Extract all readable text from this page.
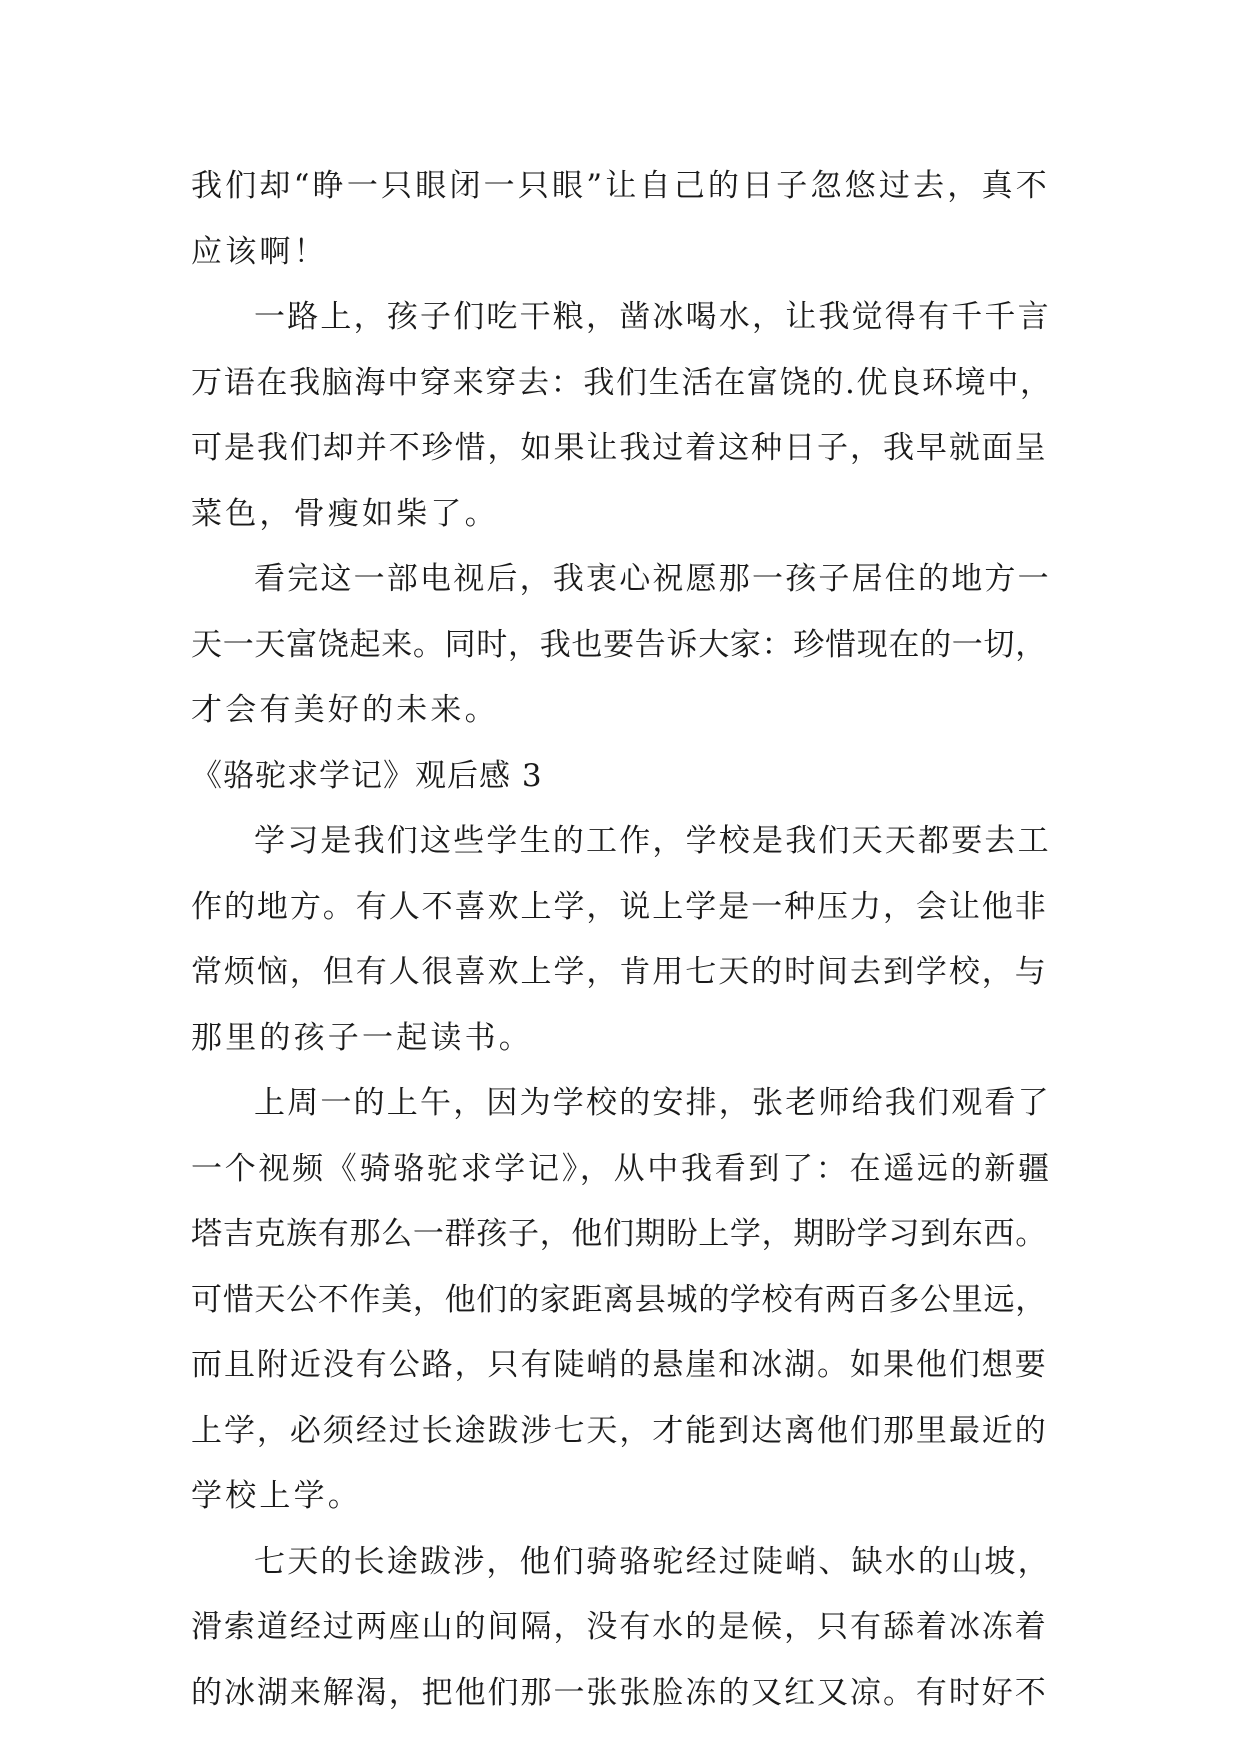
我们却“睁一只眼闭一只眼”让自己的日子忽悠过去，真不
应该啊！
一路上，孩子们吃干粮，凿冰喝水，让我觉得有千千言
万语在我脑海中穿来穿去：我们生活在富饶的.优良环境中，
可是我们却并不珍惜，如果让我过着这种日子，我早就面呈
菜色，骨瘦如柴了。
看完这一部电视后，我衷心祝愿那一孩子居住的地方一
天一天富饶起来。同时，我也要告诉大家：珍惜现在的一切，
才会有美好的未来。
《骆驼求学记》观后感 3
学习是我们这些学生的工作，学校是我们天天都要去工
作的地方。有人不喜欢上学，说上学是一种压力，会让他非
常烦恼，但有人很喜欢上学，肯用七天的时间去到学校，与
那里的孩子一起读书。
上周一的上午，因为学校的安排，张老师给我们观看了
一个视频《骑骆驼求学记》，从中我看到了：在遥远的新疆
塔吉克族有那么一群孩子，他们期盼上学，期盼学习到东西。
可惜天公不作美，他们的家距离县城的学校有两百多公里远，
而且附近没有公路，只有陡峭的悬崖和冰湖。如果他们想要
上学，必须经过长途跋涉七天，才能到达离他们那里最近的
学校上学。
七天的长途跋涉，他们骑骆驼经过陡峭、缺水的山坡，
滑索道经过两座山的间隔，没有水的是候，只有舔着冰冻着
的冰湖来解渴，把他们那一张张脸冻的又红又凉。有时好不
